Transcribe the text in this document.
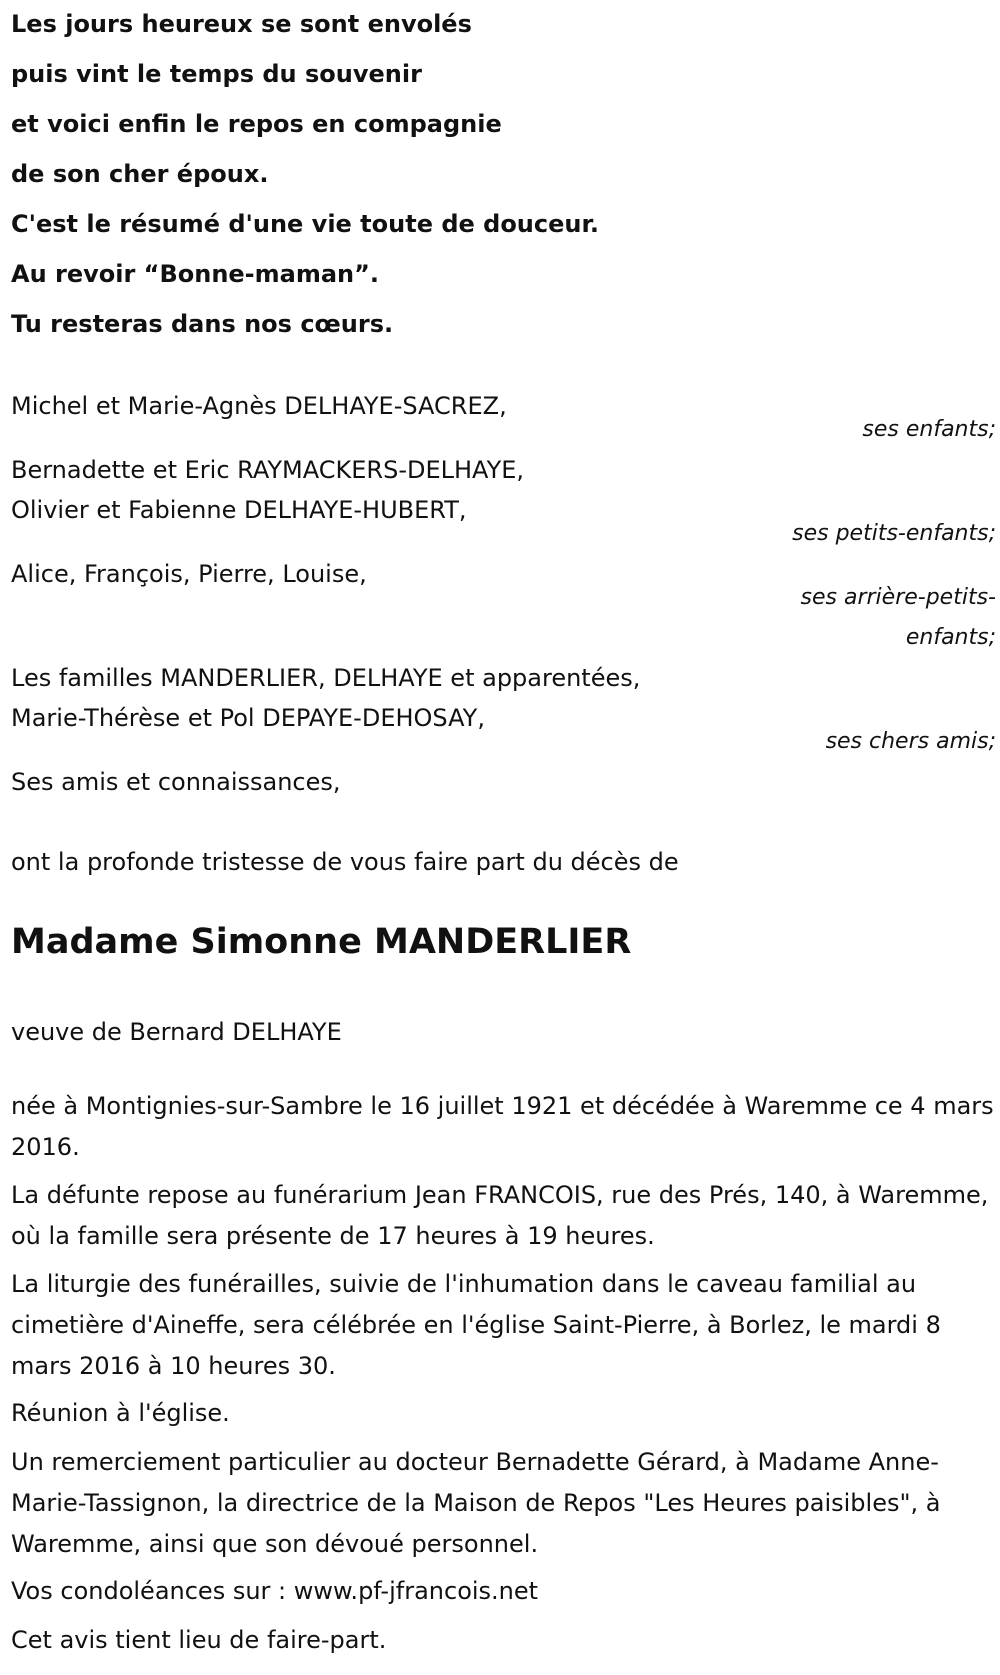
Les jours heureux se sont envolés
puis vint le temps du souvenir
et voici enfin le repos en compagnie
de son cher époux.
C'est le résumé d'une vie toute de douceur.
Au revoir “Bonne-maman”.
Tu resteras dans nos cœurs.
Michel et Marie-Agnès DELHAYE-SACREZ,
ses enfants;
Bernadette et Eric RAYMACKERS-DELHAYE,
Olivier et Fabienne DELHAYE-HUBERT,
ses petits-enfants;
Alice, François, Pierre, Louise,
ses arrière-petits-
enfants;
Les familles MANDERLIER, DELHAYE et apparentées,
Marie-Thérèse et Pol DEPAYE-DEHOSAY,
ses chers amis;
Ses amis et connaissances,
ont la profonde tristesse de vous faire part du décès de
Madame Simonne MANDERLIER
veuve de Bernard DELHAYE
née à Montignies-sur-Sambre le 16 juillet 1921 et décédée à Waremme ce 4 mars 2016.
La défunte repose au funérarium Jean FRANCOIS, rue des Prés, 140, à Waremme, où la famille sera présente de 17 heures à 19 heures.
La liturgie des funérailles, suivie de l'inhumation dans le caveau familial au cimetière d'Aineffe, sera célébrée en l'église Saint-Pierre, à Borlez, le mardi 8 mars 2016 à 10 heures 30.
Réunion à l'église.
Un remerciement particulier au docteur Bernadette Gérard, à Madame Anne-Marie-Tassignon, la directrice de la Maison de Repos "Les Heures paisibles", à Waremme, ainsi que son dévoué personnel.
Vos condoléances sur : www.pf-jfrancois.net
Cet avis tient lieu de faire-part.
